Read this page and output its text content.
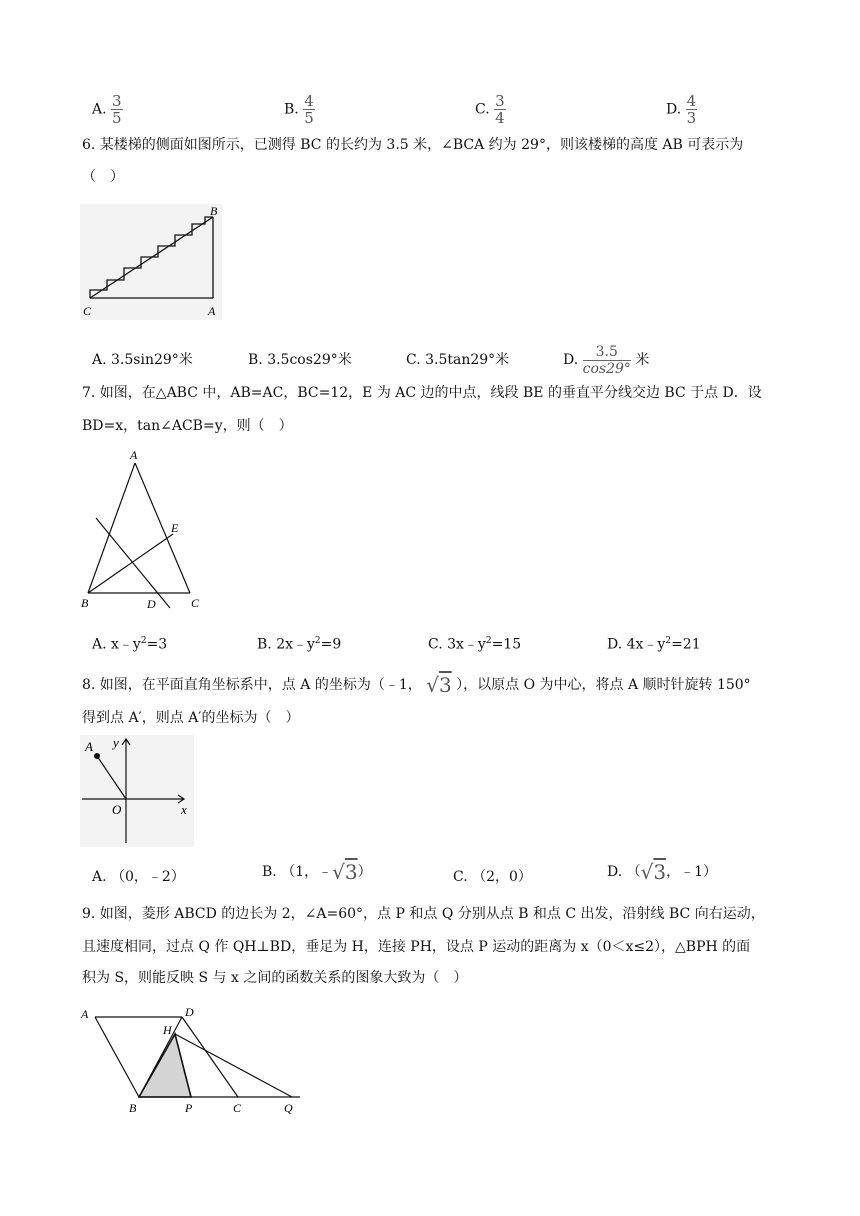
A. $\frac{3}{5}$	B. $\frac{4}{5}$	C. $\frac{3}{4}$	D. $\frac{4}{3}$
6. 某楼梯的侧面如图所示，已测得 BC 的长约为 3.5 米，∠BCA 约为 29°，则该楼梯的高度 AB 可表示为
（　）
B
C	A
A. 3.5sin29°米	B. 3.5cos29°米	C. 3.5tan29°米	D. $\frac{3.5}{\cos 29^\circ}$ 米
7. 如图，在△ABC 中，AB=AC，BC=12，E 为 AC 边的中点，线段 BE 的垂直平分线交边 BC 于点 D．设
BD=x，tan∠ACB=y，则（　）
A
E
B	D	C
A. $x﹣y^2=3$	B. $2x﹣y^2=9$	C. $3x﹣y^2=15$	D. $4x﹣y^2=21$
8. 如图，在平面直角坐标系中，点 A 的坐标为（﹣1， √3 ），以原点 O 为中心，将点 A 顺时针旋转 150°
得到点 A′，则点 A′的坐标为（　）
A y
O	x
A. （0，﹣2）	B. （1，﹣√3）	C. （2，0）	D. （√3，﹣1）
9. 如图，菱形 ABCD 的边长为 2，∠A=60°，点 P 和点 Q 分别从点 B 和点 C 出发，沿射线 BC 向右运动，
且速度相同，过点 Q 作 QH⊥BD，垂足为 H，连接 PH，设点 P 运动的距离为 x（0＜x≤2），△BPH 的面
积为 S，则能反映 S 与 x 之间的函数关系的图象大致为（　）
A	D
H
B	P	C	Q
